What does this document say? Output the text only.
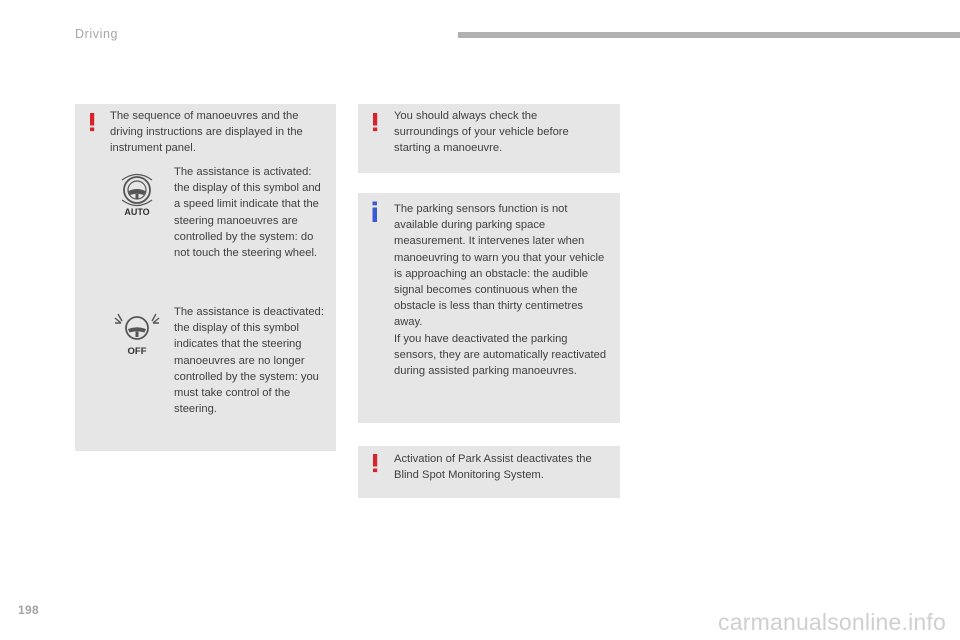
Driving
The sequence of manoeuvres and the driving instructions are displayed in the instrument panel.
AUTO
The assistance is activated: the display of this symbol and a speed limit indicate that the steering manoeuvres are controlled by the system: do not touch the steering wheel.
OFF
The assistance is deactivated: the display of this symbol indicates that the steering manoeuvres are no longer controlled by the system: you must take control of the steering.
You should always check the surroundings of your vehicle before starting a manoeuvre.
The parking sensors function is not available during parking space measurement. It intervenes later when manoeuvring to warn you that your vehicle is approaching an obstacle: the audible signal becomes continuous when the obstacle is less than thirty centimetres away.
If you have deactivated the parking sensors, they are automatically reactivated during assisted parking manoeuvres.
Activation of Park Assist deactivates the Blind Spot Monitoring System.
198	carmanualsonline.info
